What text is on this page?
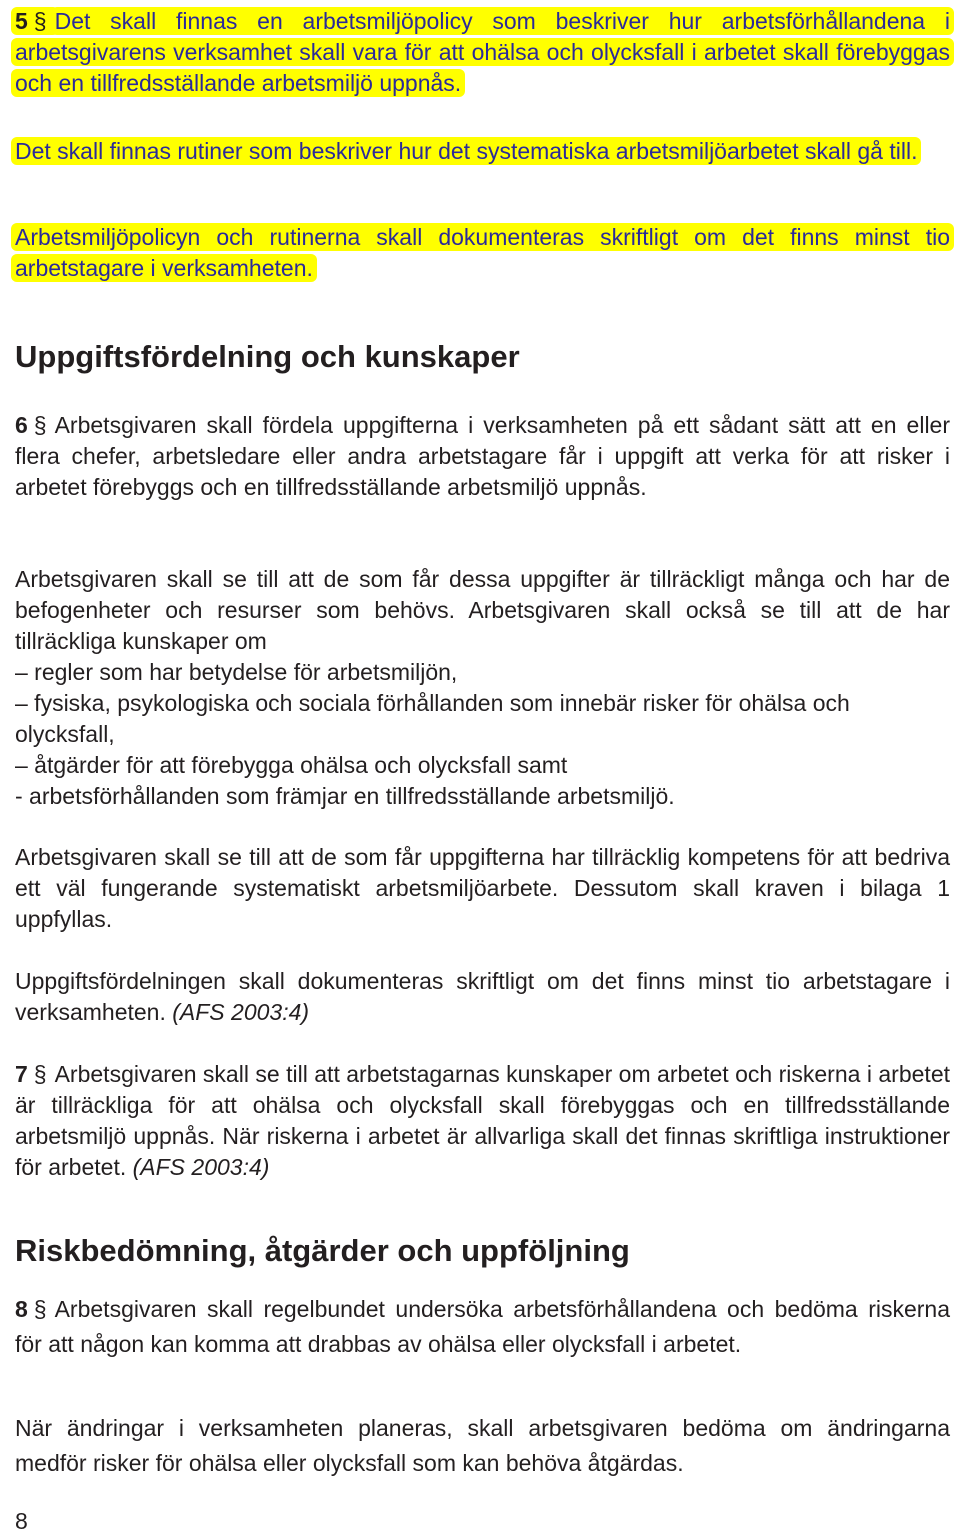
5 § Det skall finnas en arbetsmiljöpolicy som beskriver hur arbetsförhållandena i arbetsgivarens verksamhet skall vara för att ohälsa och olycksfall i arbetet skall förebyggas och en tillfredsställande arbetsmiljö uppnås.

Det skall finnas rutiner som beskriver hur det systematiska arbetsmiljöarbetet skall gå till.

Arbetsmiljöpolicyn och rutinerna skall dokumenteras skriftligt om det finns minst tio arbetstagare i verksamheten.

Uppgiftsfördelning och kunskaper

6 § Arbetsgivaren skall fördela uppgifterna i verksamheten på ett sådant sätt att en eller flera chefer, arbetsledare eller andra arbetstagare får i uppgift att verka för att risker i arbetet förebyggs och en tillfredsställande arbetsmiljö uppnås.

Arbetsgivaren skall se till att de som får dessa uppgifter är tillräckligt många och har de befogenheter och resurser som behövs. Arbetsgivaren skall också se till att de har tillräckliga kunskaper om
– regler som har betydelse för arbetsmiljön,
– fysiska, psykologiska och sociala förhållanden som innebär risker för ohälsa och olycksfall,
– åtgärder för att förebygga ohälsa och olycksfall samt
- arbetsförhållanden som främjar en tillfredsställande arbetsmiljö.

Arbetsgivaren skall se till att de som får uppgifterna har tillräcklig kompetens för att bedriva ett väl fungerande systematiskt arbetsmiljöarbete. Dessutom skall kraven i bilaga 1 uppfyllas.

Uppgiftsfördelningen skall dokumenteras skriftligt om det finns minst tio arbetstagare i verksamheten. (AFS 2003:4)

7 § Arbetsgivaren skall se till att arbetstagarnas kunskaper om arbetet och riskerna i arbetet är tillräckliga för att ohälsa och olycksfall skall förebyggas och en tillfredsställande arbetsmiljö uppnås. När riskerna i arbetet är allvarliga skall det finnas skriftliga instruktioner för arbetet. (AFS 2003:4)

Riskbedömning, åtgärder och uppföljning

8 § Arbetsgivaren skall regelbundet undersöka arbetsförhållandena och bedöma riskerna för att någon kan komma att drabbas av ohälsa eller olycksfall i arbetet.

När ändringar i verksamheten planeras, skall arbetsgivaren bedöma om ändringarna medför risker för ohälsa eller olycksfall som kan behöva åtgärdas.

8
